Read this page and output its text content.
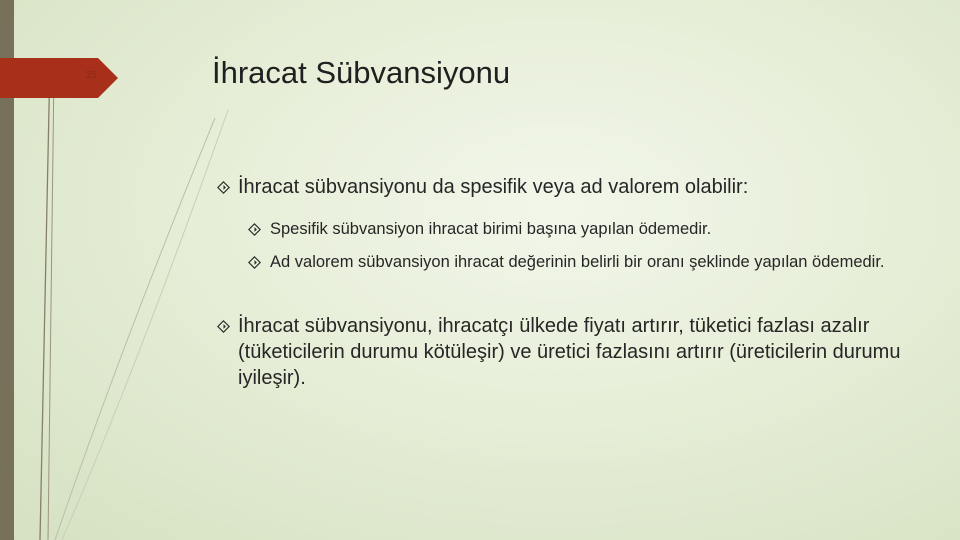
35	İhracat Sübvansiyonu
İhracat sübvansiyonu da spesifik veya ad valorem olabilir:
Spesifik sübvansiyon ihracat birimi başına yapılan ödemedir.
Ad valorem sübvansiyon ihracat değerinin belirli bir oranı şeklinde yapılan ödemedir.
İhracat sübvansiyonu, ihracatçı ülkede fiyatı artırır, tüketici fazlası azalır (tüketicilerin durumu kötüleşir) ve üretici fazlasını artırır (üreticilerin durumu iyileşir).
